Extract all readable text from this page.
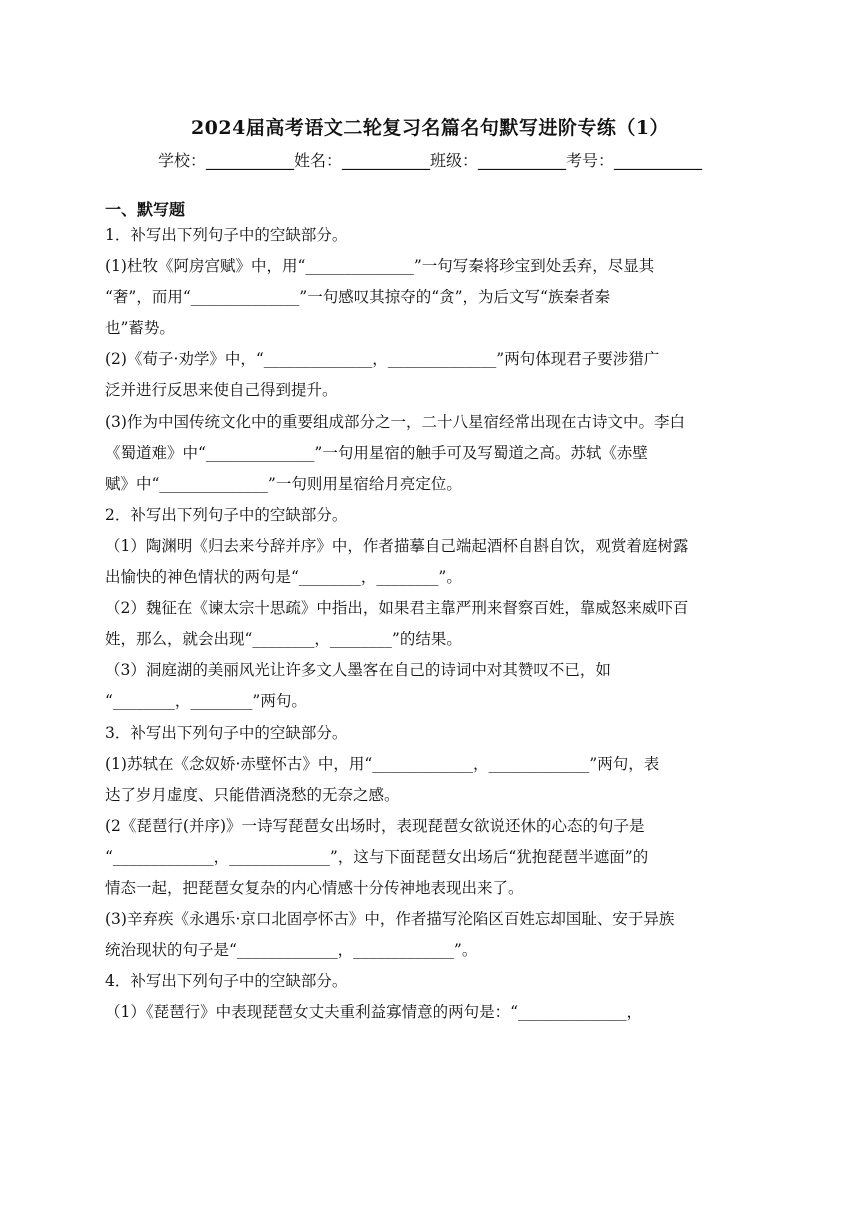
2024届高考语文二轮复习名篇名句默写进阶专练（1）
学校：___________姓名：___________班级：___________考号：___________
一、默写题
1．补写出下列句子中的空缺部分。
(1)杜牧《阿房宫赋》中，用“______________”一句写秦将珍宝到处丢弃，尽显其
“奢”，而用“______________”一句感叹其掠夺的“贪”，为后文写“族秦者秦
也”蓄势。
(2)《荀子·劝学》中，“______________，______________”两句体现君子要涉猎广
泛并进行反思来使自己得到提升。
(3)作为中国传统文化中的重要组成部分之一，二十八星宿经常出现在古诗文中。李白
《蜀道难》中“______________”一句用星宿的触手可及写蜀道之高。苏轼《赤壁
赋》中“______________”一句则用星宿给月亮定位。
2．补写出下列句子中的空缺部分。
（1）陶渊明《归去来兮辞并序》中，作者描摹自己端起酒杯自斟自饮，观赏着庭树露
出愉快的神色情状的两句是“________，________”。
（2）魏征在《谏太宗十思疏》中指出，如果君主靠严刑来督察百姓，靠威怒来威吓百
姓，那么，就会出现“________，________”的结果。
（3）洞庭湖的美丽风光让许多文人墨客在自己的诗词中对其赞叹不已，如
“________，________”两句。
3．补写出下列句子中的空缺部分。
(1)苏轼在《念奴娇·赤壁怀古》中，用“_____________，_____________”两句，表
达了岁月虚度、只能借酒浇愁的无奈之感。
(2《琵琶行(并序)》一诗写琵琶女出场时，表现琵琶女欲说还休的心态的句子是
“_____________，_____________”，这与下面琵琶女出场后“犹抱琵琶半遮面”的
情态一起，把琵琶女复杂的内心情感十分传神地表现出来了。
(3)辛弃疾《永遇乐·京口北固亭怀古》中，作者描写沦陷区百姓忘却国耻、安于异族
统治现状的句子是“_____________，_____________”。
4．补写出下列句子中的空缺部分。
（1）《琵琶行》中表现琵琶女丈夫重利益寡情意的两句是：“______________，
